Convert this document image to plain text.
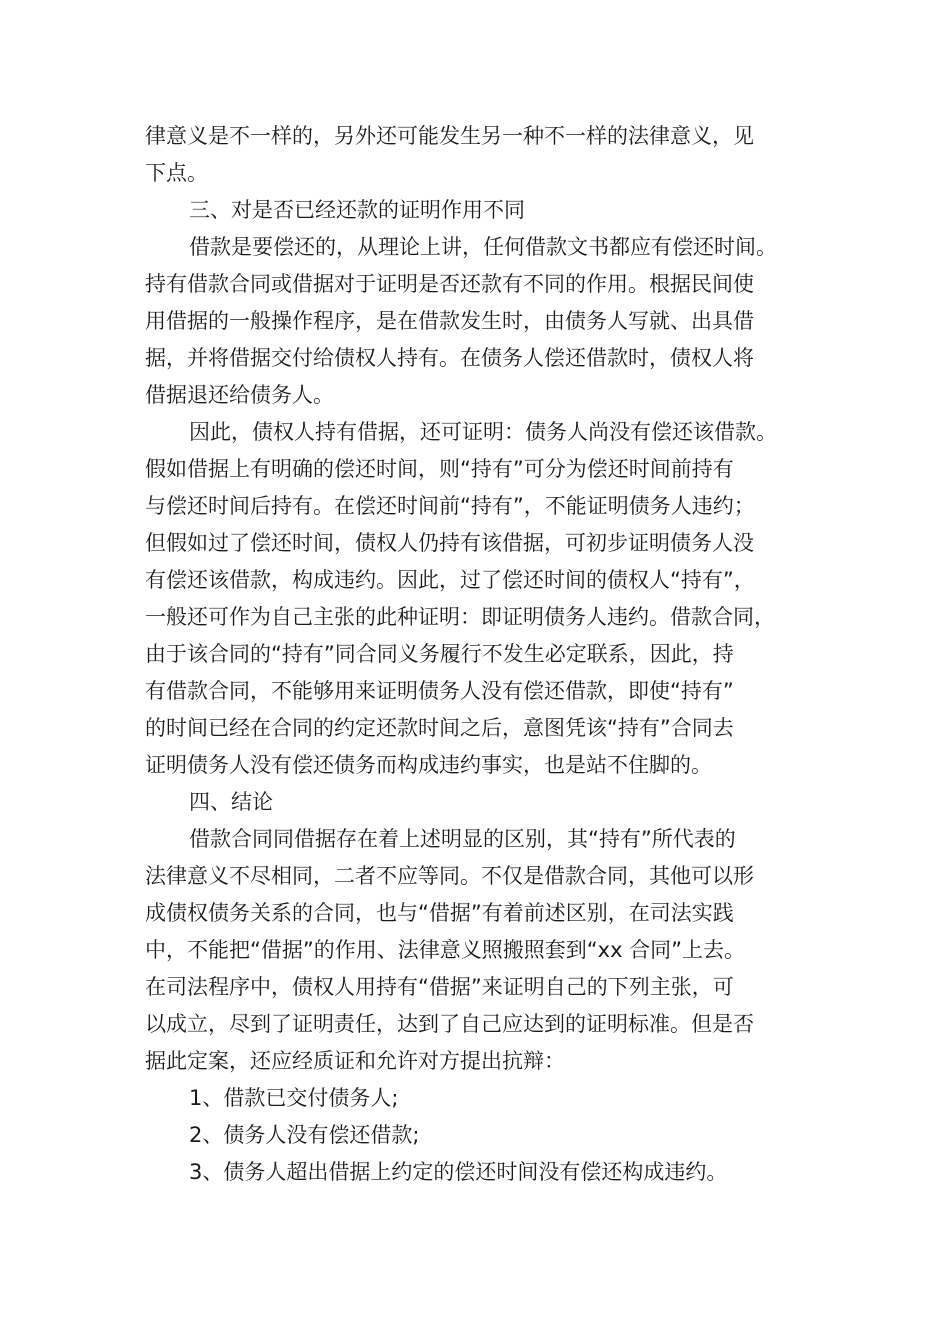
律意义是不一样的，另外还可能发生另一种不一样的法律意义，见
下点。
三、对是否已经还款的证明作用不同
借款是要偿还的，从理论上讲，任何借款文书都应有偿还时间。
持有借款合同或借据对于证明是否还款有不同的作用。根据民间使
用借据的一般操作程序，是在借款发生时，由债务人写就、出具借
据，并将借据交付给债权人持有。在债务人偿还借款时，债权人将
借据退还给债务人。
因此，债权人持有借据，还可证明：债务人尚没有偿还该借款。
假如借据上有明确的偿还时间，则“持有”可分为偿还时间前持有
与偿还时间后持有。在偿还时间前“持有”，不能证明债务人违约；
但假如过了偿还时间，债权人仍持有该借据，可初步证明债务人没
有偿还该借款，构成违约。因此，过了偿还时间的债权人“持有”，
一般还可作为自己主张的此种证明：即证明债务人违约。借款合同，
由于该合同的“持有”同合同义务履行不发生必定联系，因此，持
有借款合同，不能够用来证明债务人没有偿还借款，即使“持有”
的时间已经在合同的约定还款时间之后，意图凭该“持有”合同去
证明债务人没有偿还债务而构成违约事实，也是站不住脚的。
四、结论
借款合同同借据存在着上述明显的区别，其“持有”所代表的
法律意义不尽相同，二者不应等同。不仅是借款合同，其他可以形
成债权债务关系的合同，也与“借据”有着前述区别，在司法实践
中，不能把“借据”的作用、法律意义照搬照套到“xx 合同”上去。
在司法程序中，债权人用持有“借据”来证明自己的下列主张，可
以成立，尽到了证明责任，达到了自己应达到的证明标准。但是否
据此定案，还应经质证和允许对方提出抗辩：
1、借款已交付债务人;
2、债务人没有偿还借款;
3、债务人超出借据上约定的偿还时间没有偿还构成违约。
